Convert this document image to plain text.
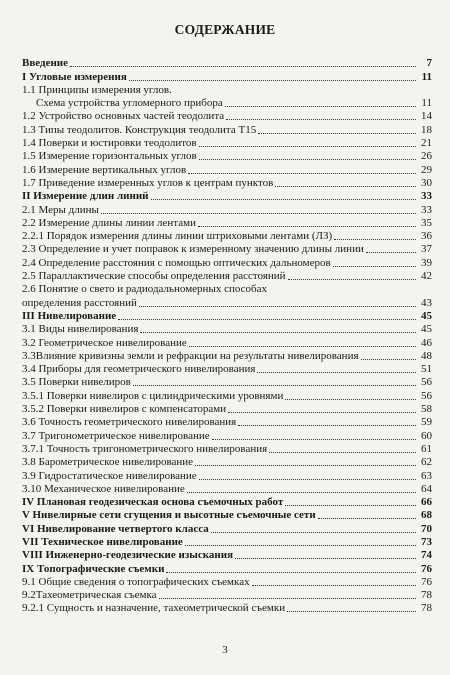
СОДЕРЖАНИЕ
Введение	7
I Угловые измерения	11
1.1 Принципы измерения углов.
Схема устройства угломерного прибора	11
1.2 Устройство основных частей теодолита	14
1.3 Типы теодолитов. Конструкция теодолита Т15	18
1.4 Поверки и юстировки теодолитов	21
1.5 Измерение горизонтальных углов	26
1.6 Измерение вертикальных углов	29
1.7 Приведение измеренных углов к центрам пунктов	30
II Измерение длин линий	33
2.1 Меры длины	33
2.2 Измерение длины линии лентами	35
2.2.1 Порядок измерения длины линии штриховыми лентами (ЛЗ)	36
2.3 Определение и учет поправок к измеренному значению длины линии	37
2.4 Определение расстояния с помощью оптических дальномеров	39
2.5 Параллактические способы определения расстояний	42
2.6 Понятие о свето и радиодальномерных способах
определения расстояний	43
III Нивелирование	45
3.1 Виды нивелирования	45
3.2 Геометрическое нивелирование	46
3.3Влияние кривизны земли и рефракции на результаты нивелирования	48
3.4 Приборы для геометрического нивелирования	51
3.5 Поверки нивелиров	56
3.5.1 Поверки нивелиров с цилиндрическими уровнями	56
3.5.2 Поверки нивелиров с компенсаторами	58
3.6 Точность геометрического нивелирования	59
3.7 Тригонометрическое нивелирование	60
3.7.1 Точность тригонометрического нивелирования	61
3.8 Барометрическое нивелирование	62
3.9 Гидростатическое нивелирование	63
3.10 Механическое нивелирование	64
IV Плановая геодезическая основа съемочных работ	66
V Нивелирные сети сгущения и высотные съемочные сети	68
VI Нивелирование четвертого класса	70
VII Техническое нивелирование	73
VIII Инженерно-геодезические изыскания	74
IX Топографические съемки	76
9.1 Общие сведения о топографических съемках	76
9.2Тахеометрическая съемка	78
9.2.1 Сущность и назначение, тахеометрической съемки	78
3
